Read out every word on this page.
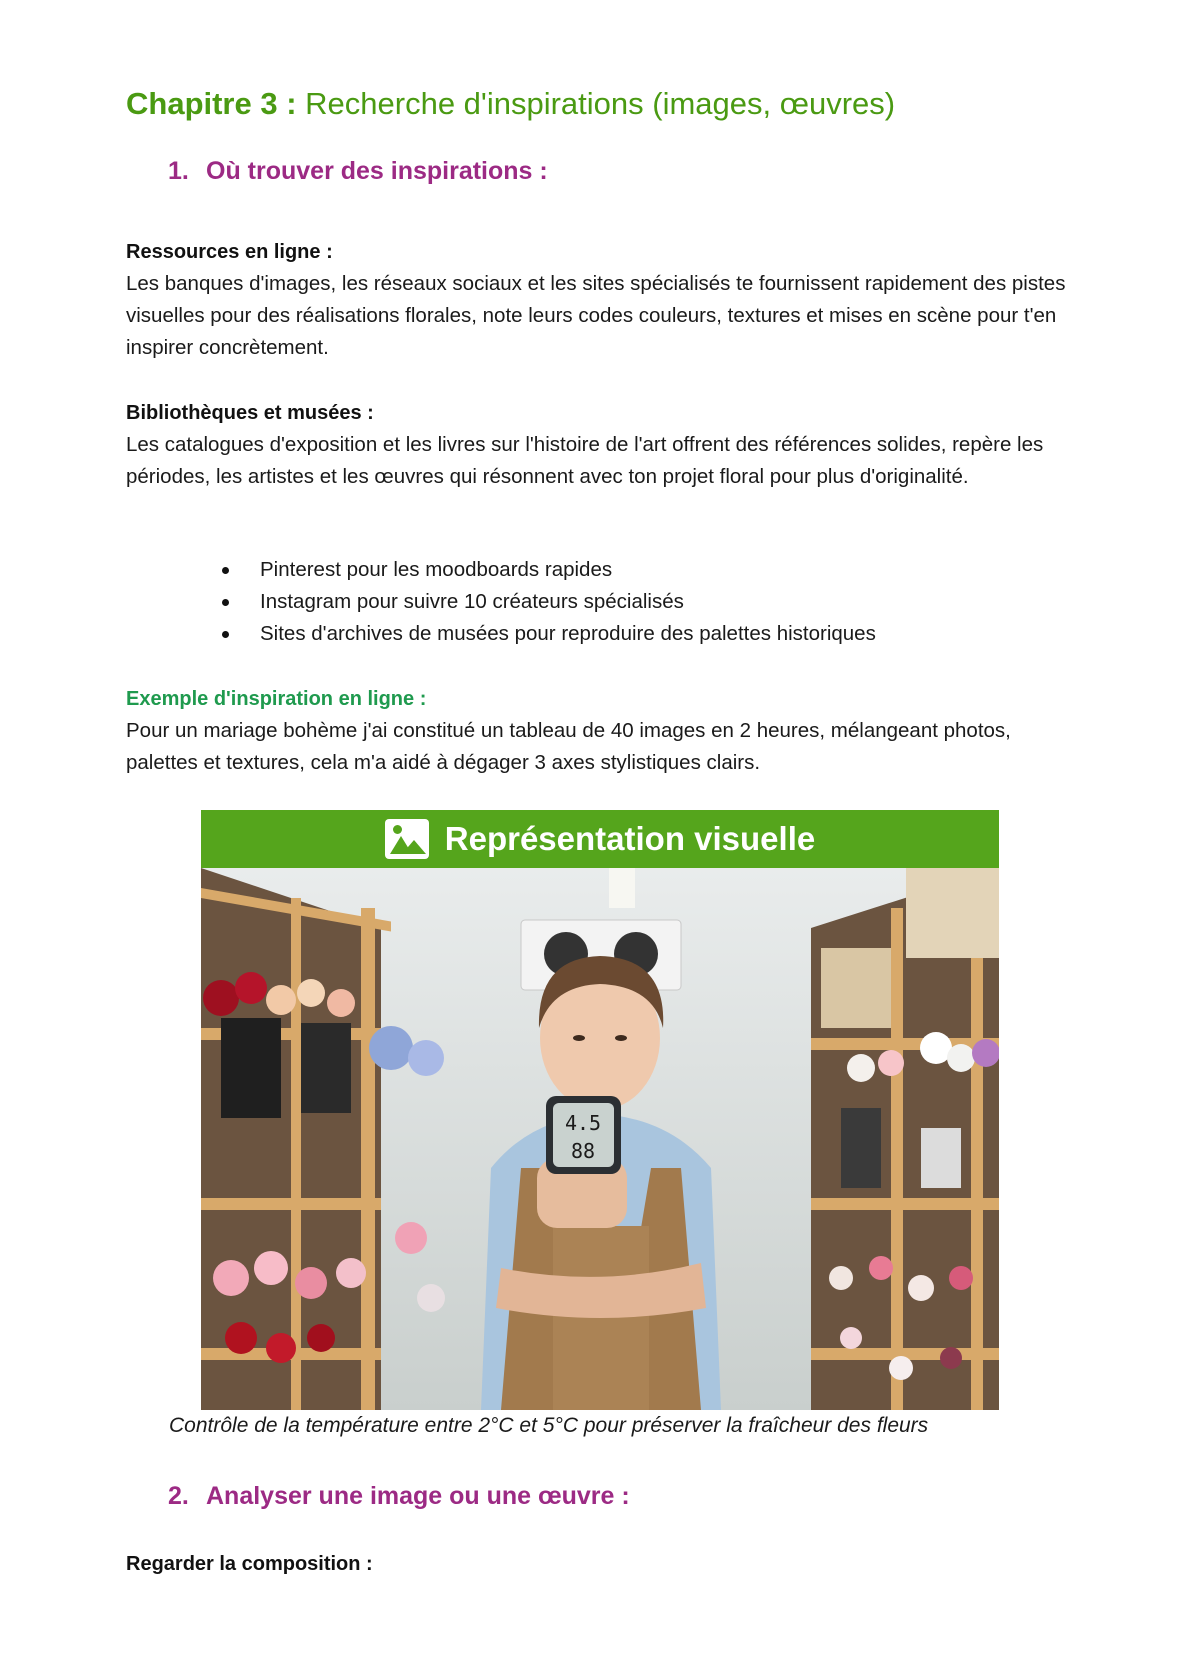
Chapitre 3 : Recherche d'inspirations (images, œuvres)
1. Où trouver des inspirations :
Ressources en ligne :

Les banques d'images, les réseaux sociaux et les sites spécialisés te fournissent rapidement des pistes visuelles pour des réalisations florales, note leurs codes couleurs, textures et mises en scène pour t'en inspirer concrètement.

Bibliothèques et musées :

Les catalogues d'exposition et les livres sur l'histoire de l'art offrent des références solides, repère les périodes, les artistes et les œuvres qui résonnent avec ton projet floral pour plus d'originalité.

Pinterest pour les moodboards rapides
Instagram pour suivre 10 créateurs spécialisés
Sites d'archives de musées pour reproduire des palettes historiques
Exemple d'inspiration en ligne :

Pour un mariage bohème j'ai constitué un tableau de 40 images en 2 heures, mélangeant photos, palettes et textures, cela m'a aidé à dégager 3 axes stylistiques clairs.

Représentation visuelle
4.5
88

Contrôle de la température entre 2°C et 5°C pour préserver la fraîcheur des fleurs

2. Analyser une image ou une œuvre :
Regarder la composition :
